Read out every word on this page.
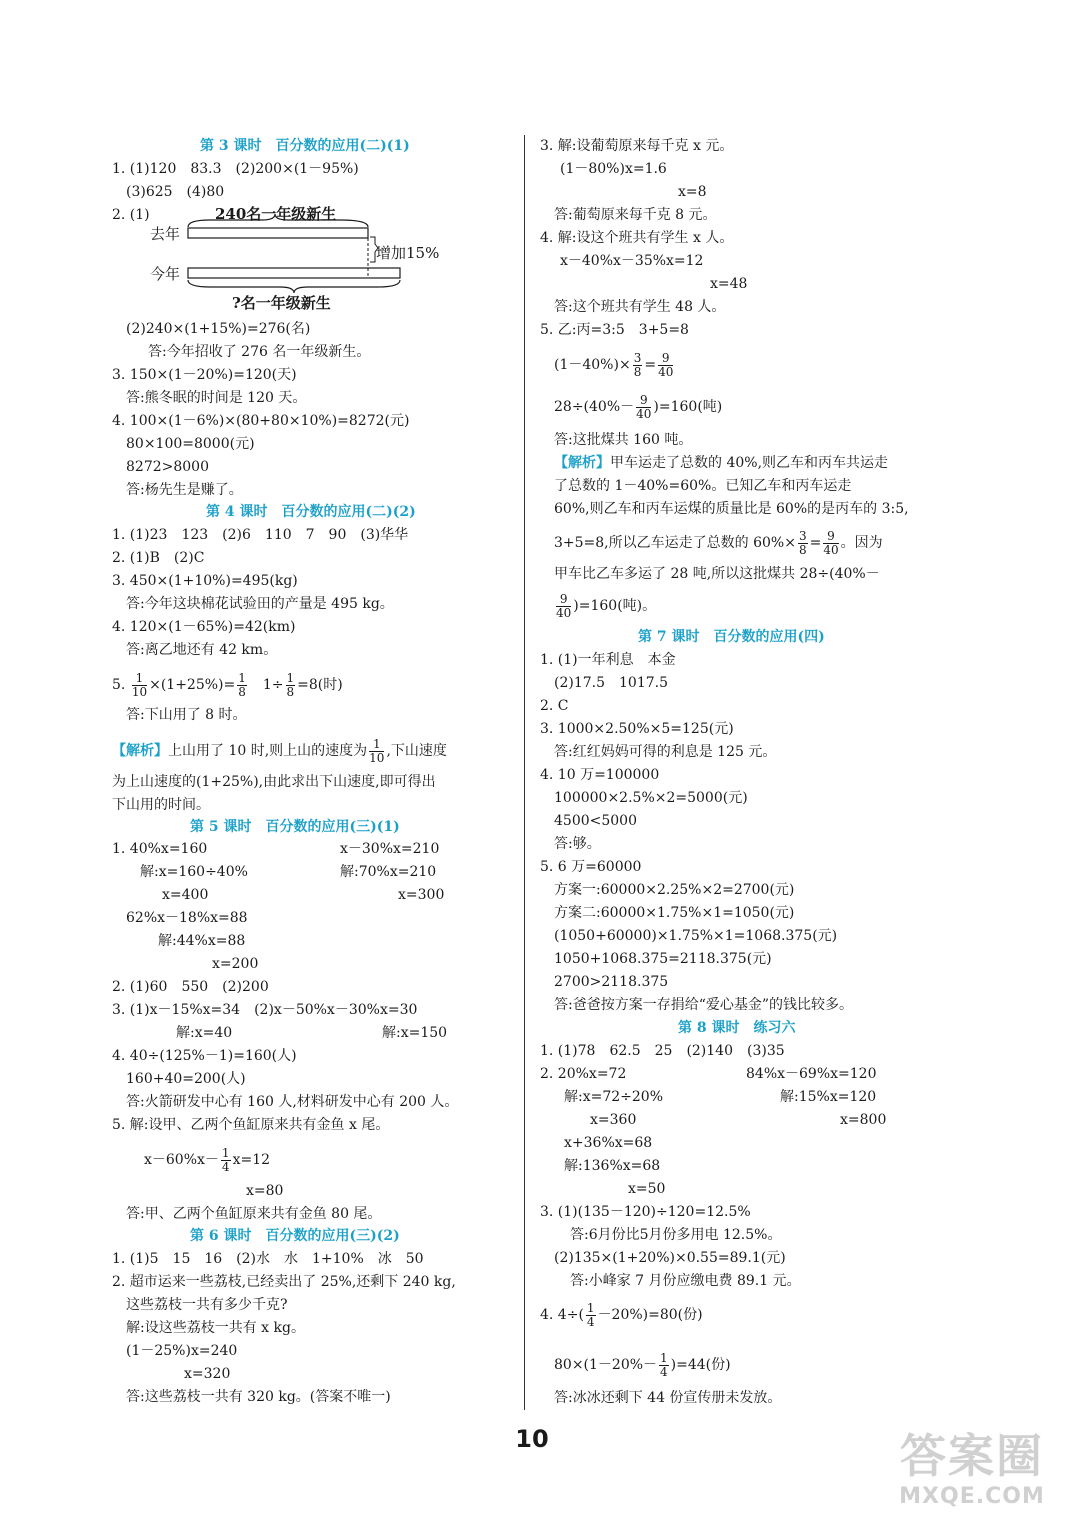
第 3 课时　百分数的应用(二)(1)
1. (1)120　83.3　(2)200×(1－95%)
(3)625　(4)80
2. (1)	240名一年级新生
去年
今年
增加15%
?名一年级新生
(2)240×(1+15%)=276(名)
答:今年招收了 276 名一年级新生。
3. 150×(1－20%)=120(天)
答:熊冬眠的时间是 120 天。
4. 100×(1－6%)×(80+80×10%)=8272(元)
80×100=8000(元)
8272>8000
答:杨先生是赚了。
第 4 课时　百分数的应用(二)(2)
1. (1)23　123　(2)6　110　7　90　(3)华华
2. (1)B　(2)C
3. 450×(1+10%)=495(kg)
答:今年这块棉花试验田的产量是 495 kg。
4. 120×(1－65%)=42(km)
答:离乙地还有 42 km。
5. $\frac{1}{10} \times(1+25\%)= \frac{1}{8}$ 　$1\div \frac{1}{8} =8$(时)
答:下山用了 8 时。
【解析】上山用了 10 时,则上山的速度为 $\frac{1}{10}$ ,下山速度
为上山速度的(1+25%),由此求出下山速度,即可得出
下山用的时间。
第 5 课时　百分数的应用(三)(1)
1. 40%x=160	x－30%x=210
解:x=160÷40%	解:70%x=210
x=400	x=300
62%x－18%x=88
解:44%x=88
x=200
2. (1)60　550　(2)200
3. (1)x－15%x=34　(2)x－50%x－30%x=30
解:x=40	解:x=150
4. 40÷(125%－1)=160(人)
160+40=200(人)
答:火箭研发中心有 160 人,材料研发中心有 200 人。
5. 解:设甲、乙两个鱼缸原来共有金鱼 x 尾。
$x-60\%x- \frac{1}{4} x=12$
x=80
答:甲、乙两个鱼缸原来共有金鱼 80 尾。
第 6 课时　百分数的应用(三)(2)
1. (1)5　15　16　(2)水　水　1+10%　冰　50
2. 超市运来一些荔枝,已经卖出了 25%,还剩下 240 kg,
这些荔枝一共有多少千克?
解:设这些荔枝一共有 x kg。
(1－25%)x=240
x=320
答:这些荔枝一共有 320 kg。(答案不唯一)
3. 解:设葡萄原来每千克 x 元。
(1－80%)x=1.6
x=8
答:葡萄原来每千克 8 元。
4. 解:设这个班共有学生 x 人。
x－40%x－35%x=12
x=48
答:这个班共有学生 48 人。
5. 乙:丙=3:5　3+5=8
$(1-40\%)\times \frac{3}{8} = \frac{9}{40}$
$28\div(40\%- \frac{9}{40} )=160$(吨)
答:这批煤共 160 吨。
【解析】甲车运走了总数的 40%,则乙车和丙车共运走
了总数的 1－40%=60%。已知乙车和丙车运走
60%,则乙车和丙车运煤的质量比是 60%的是丙车的 3:5,
3+5=8,所以乙车运走了总数的 $60\%\times \frac{3}{8} = \frac{9}{40}$ 。因为
甲车比乙车多运了 28 吨,所以这批煤共 28÷(40%－
$\frac{9}{40} )=160$(吨)。
第 7 课时　百分数的应用(四)
1. (1)一年利息　本金
(2)17.5　1017.5
2. C
3. 1000×2.50%×5=125(元)
答:红红妈妈可得的利息是 125 元。
4. 10 万=100000
100000×2.5%×2=5000(元)
4500<5000
答:够。
5. 6 万=60000
方案一:60000×2.25%×2=2700(元)
方案二:60000×1.75%×1=1050(元)
(1050+60000)×1.75%×1=1068.375(元)
1050+1068.375=2118.375(元)
2700>2118.375
答:爸爸按方案一存捐给“爱心基金”的钱比较多。
第 8 课时　练习六
1. (1)78　62.5　25　(2)140　(3)35
2. 20%x=72	84%x－69%x=120
解:x=72÷20%	解:15%x=120
x=360	x=800
x+36%x=68
解:136%x=68
x=50
3. (1)(135－120)÷120=12.5%
答:6月份比5月份多用电 12.5%。
(2)135×(1+20%)×0.55=89.1(元)
答:小峰家 7 月份应缴电费 89.1 元。
4. $4\div( \frac{1}{4} -20\%)=80$(份)
$80\times(1-20\%- \frac{1}{4} )=44$(份)
答:冰冰还剩下 44 份宣传册未发放。
10	答案圈
MXQE.COM
